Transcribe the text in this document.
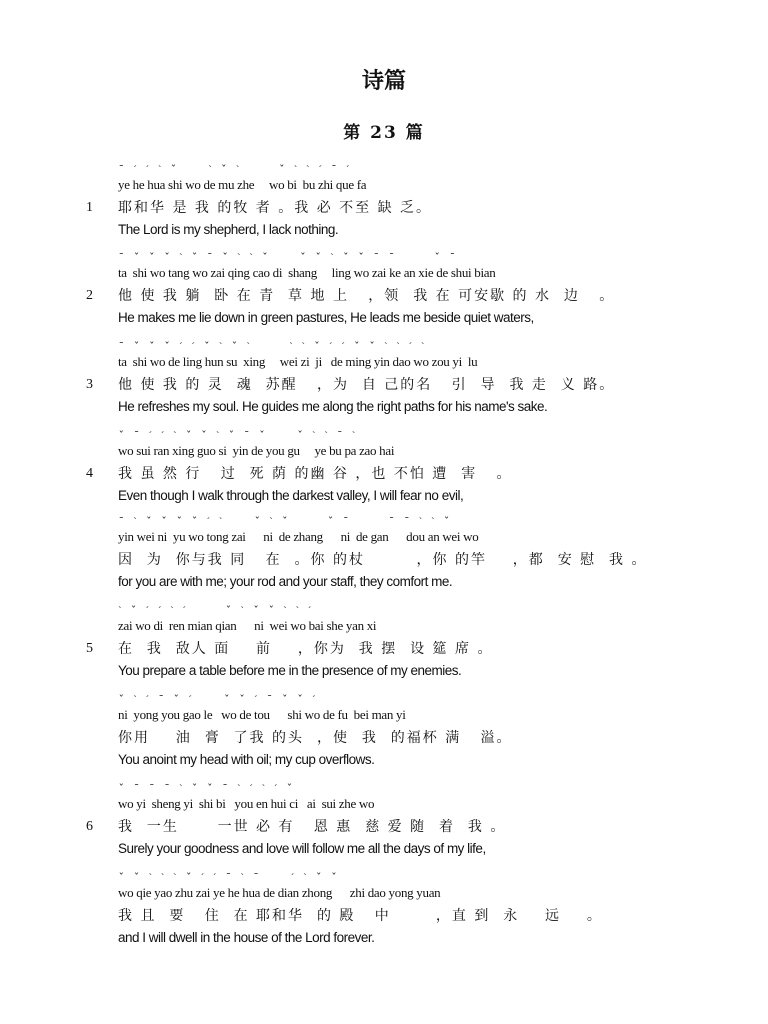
诗篇
第 23 篇
ˉ ˊ ˊ ˋ ˇ    ˋ ˇ ˋ     ˇ ˋ ˋ ˊ ˉ ˊ
ye he hua shi wo de mu zhe     wo bi  bu zhi que fa
1	耶和华 是 我 的牧 者 。我 必 不至 缺 乏。
The Lord is my shepherd, I lack nothing.
ˉ ˇ ˇ ˇ ˋ ˇ ˉ ˇ ˋ ˋ ˇ    ˇ ˇ ˋ ˇ ˇ ˉ ˉ     ˇ ˉ
ta  shi wo tang wo zai qing cao di  shang     ling wo zai ke an xie de shui bian
2	他 使 我 躺  卧 在 青  草 地 上   ，领  我 在 可安歇 的 水  边   。
He makes me lie down in green pastures, He leads me beside quiet waters,
ˉ ˇ ˇ ˇ ˊ ˊ ˇ ˋ ˇ ˋ     ˋ ˋ ˇ ˊ ˊ ˇ ˇ ˋ ˋ ˊ ˋ
ta  shi wo de ling hun su  xing     wei zi  ji   de ming yin dao wo zou yi  lu
3	他 使 我 的 灵  魂  苏醒   ，为  自 己的名   引  导  我 走  义 路。
He refreshes my soul. He guides me along the right paths for his name's sake.
ˇ ˉ ˊ ˊ ˋ ˇ ˇ ˋ ˇ ˉ ˇ    ˇ ˋ ˋ ˉ ˋ
wo sui ran xing guo si  yin de you gu     ye bu pa zao hai
4	我 虽 然 行   过  死 荫 的幽 谷 ，也 不怕 遭  害   。
Even though I walk through the darkest valley, I will fear no evil,
ˉ ˋ ˇ ˇ ˇ ˇ ˊ ˋ    ˇ ˋ ˇ     ˇ ˉ     ˉ ˉ ˋ ˋ ˇ
yin wei ni  yu wo tong zai      ni  de zhang      ni  de gan      dou an wei wo
因  为  你与我 同   在  。你 的杖        ，你 的竿    ，都  安 慰  我 。
for you are with me; your rod and your staff, they comfort me.
ˋ ˇ ˊ ˊ ˋ ˊ     ˇ ˋ ˇ ˇ ˋ ˋ ˊ
zai wo di  ren mian qian      ni  wei wo bai she yan xi
5	在  我  敌人 面    前    ，你为  我 摆  设 筵 席 。
You prepare a table before me in the presence of my enemies.
ˇ ˋ ˊ ˉ ˇ ˊ    ˇ ˇ ˊ ˉ ˇ ˇ ˊ
ni  yong you gao le   wo de tou      shi wo de fu  bei man yi
你用    油  膏  了我 的头  ，使  我  的福杯 满   溢。
You anoint my head with oil; my cup overflows.
ˇ ˉ ˉ ˉ ˋ ˇ ˇ ˉ ˋ ˊ ˋ ˊ ˇ
wo yi  sheng yi  shi bi   you en hui ci   ai  sui zhe wo
6	我  一生      一世 必 有   恩 惠  慈 爱 随  着  我 。
Surely your goodness and love will follow me all the days of my life,
ˇ ˇ ˋ ˋ ˋ ˇ ˊ ˊ ˉ ˋ ˉ    ˊ ˋ ˇ ˇ
wo qie yao zhu zai ye he hua de dian zhong      zhi dao yong yuan
我 且  要   住  在 耶和华  的 殿   中       ，直 到  永    远    。
and I will dwell in the house of the Lord forever.
